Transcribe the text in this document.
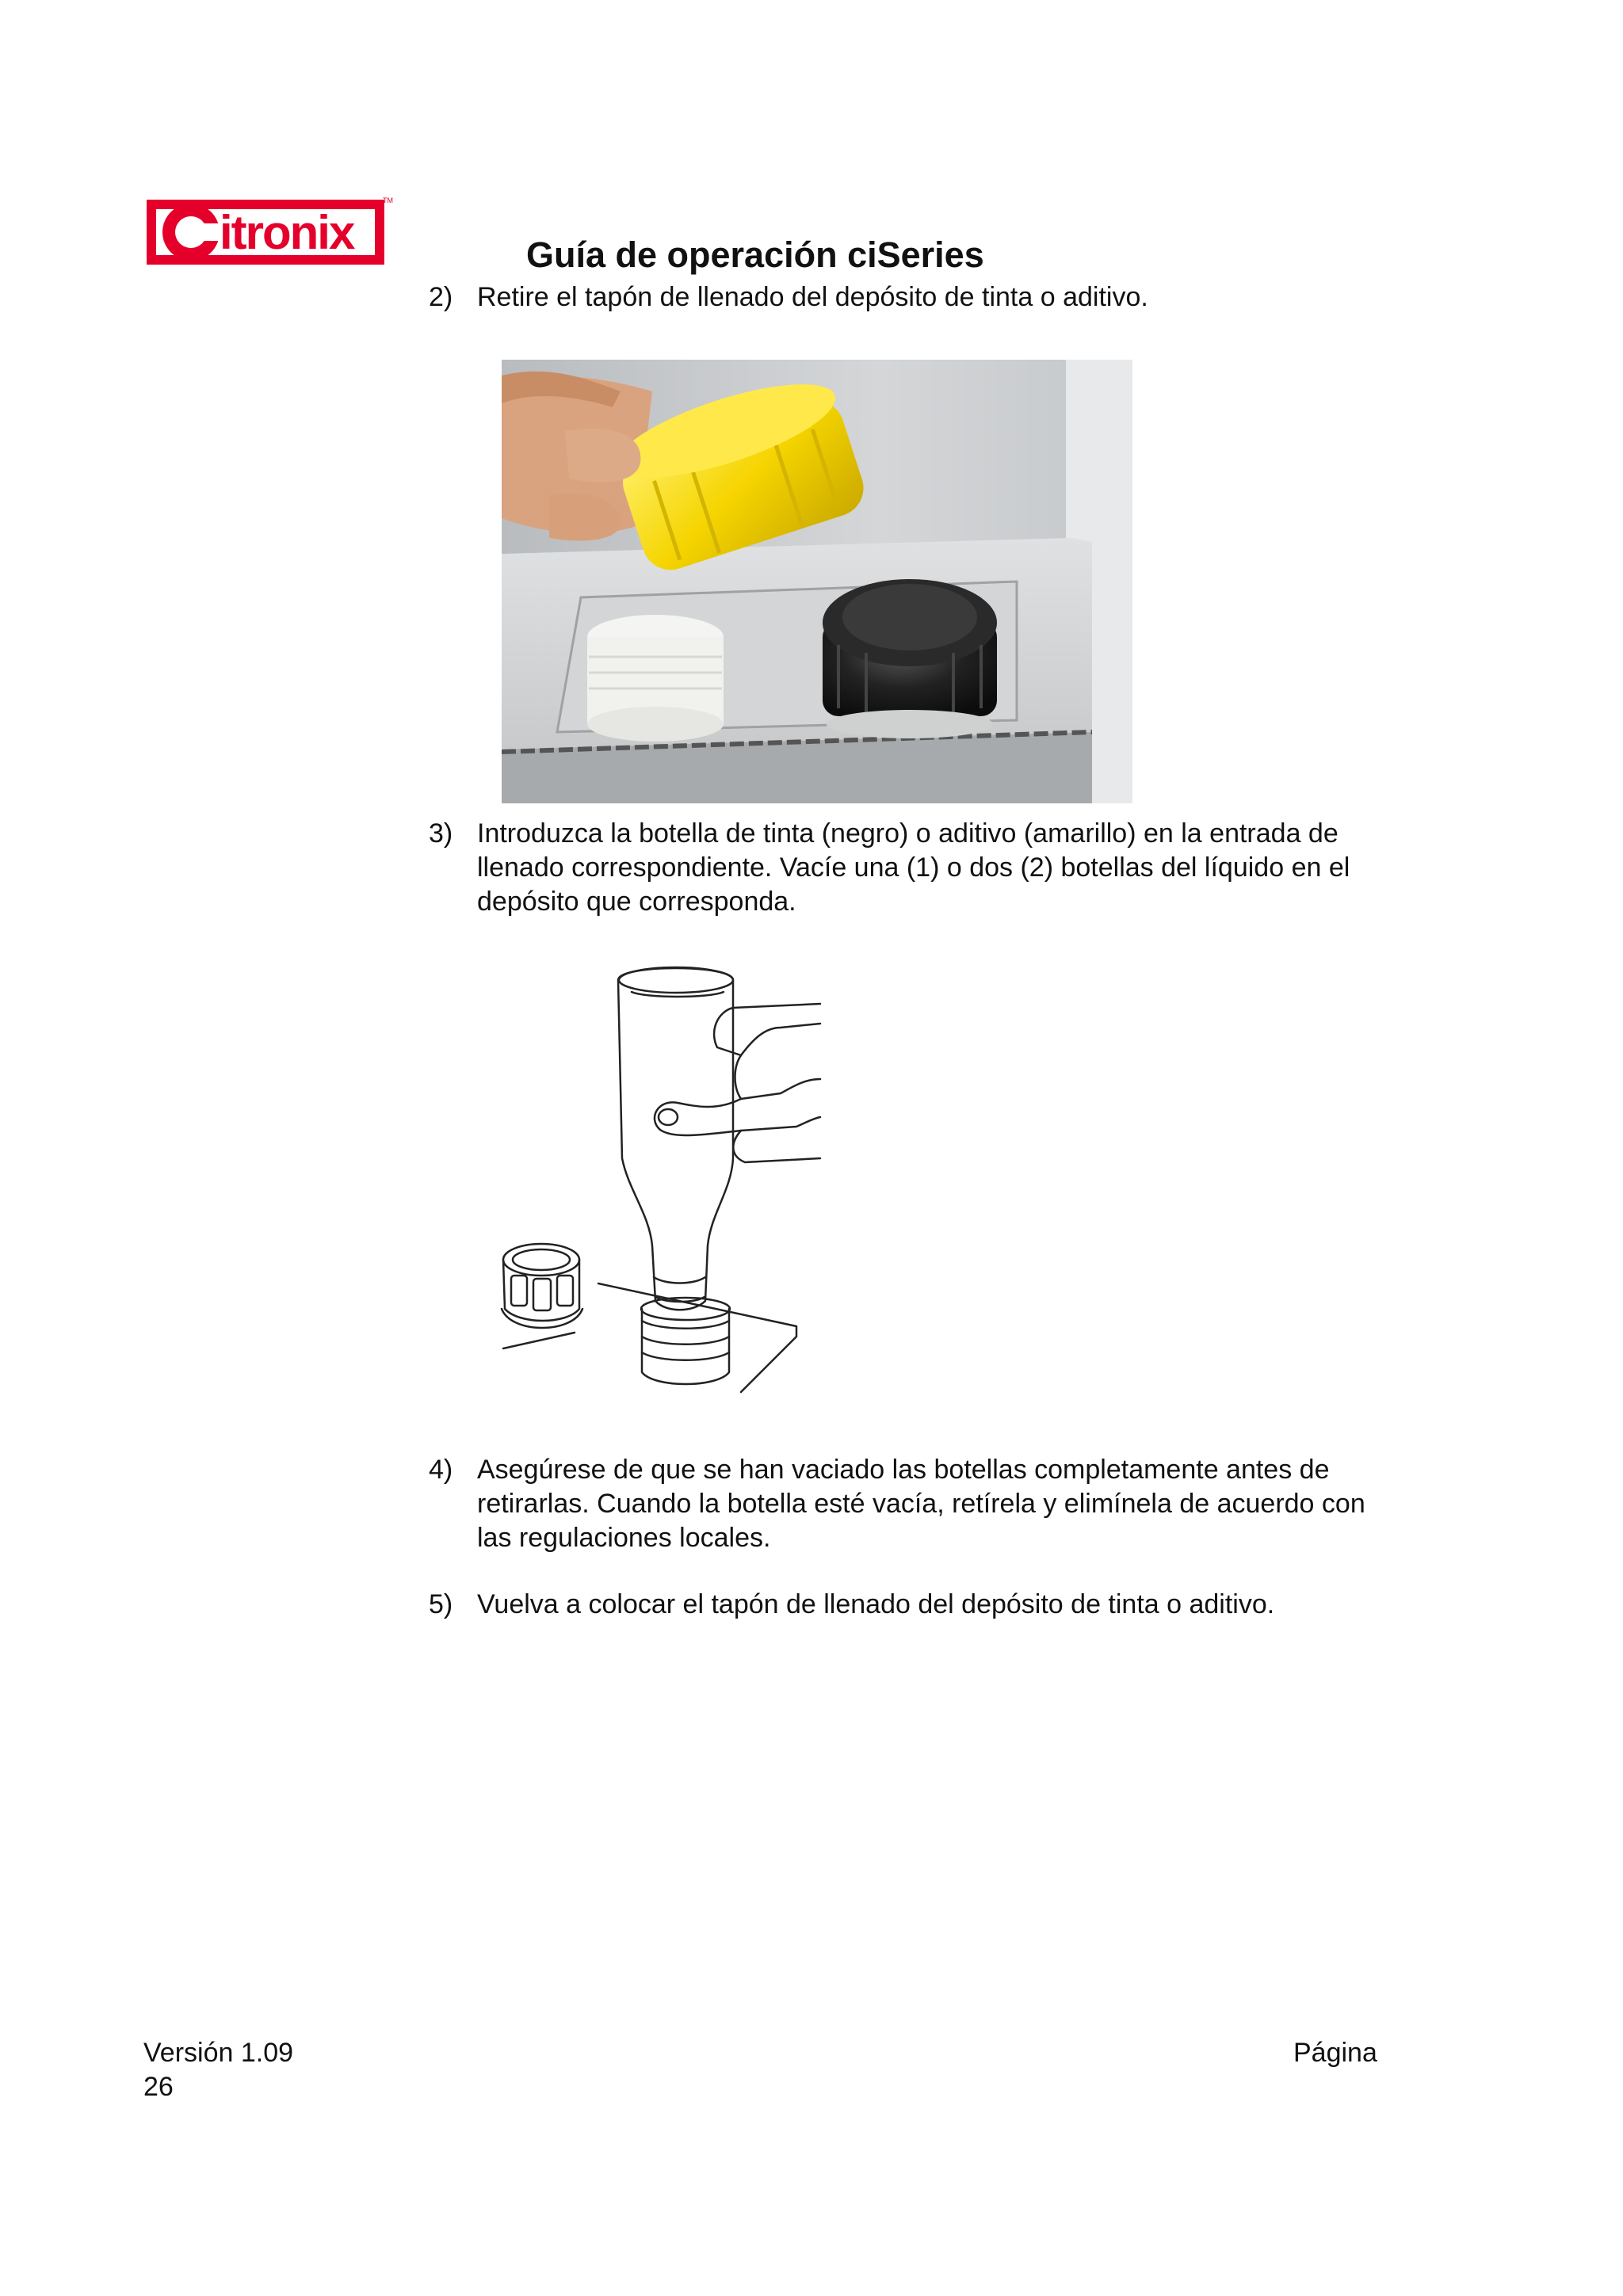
itronix
TM
Guía de operación ciSeries
2) Retire el tapón de llenado del depósito de tinta o aditivo.
3) Introduzca la botella de tinta (negro) o aditivo (amarillo) en la entrada de
llenado correspondiente. Vacíe una (1) o dos (2) botellas del líquido en el
depósito que corresponda.
4) Asegúrese de que se han vaciado las botellas completamente antes de
retirarlas. Cuando la botella esté vacía, retírela y elimínela de acuerdo con
las regulaciones locales.
5) Vuelva a colocar el tapón de llenado del depósito de tinta o aditivo.
Versión 1.09	Página
26
